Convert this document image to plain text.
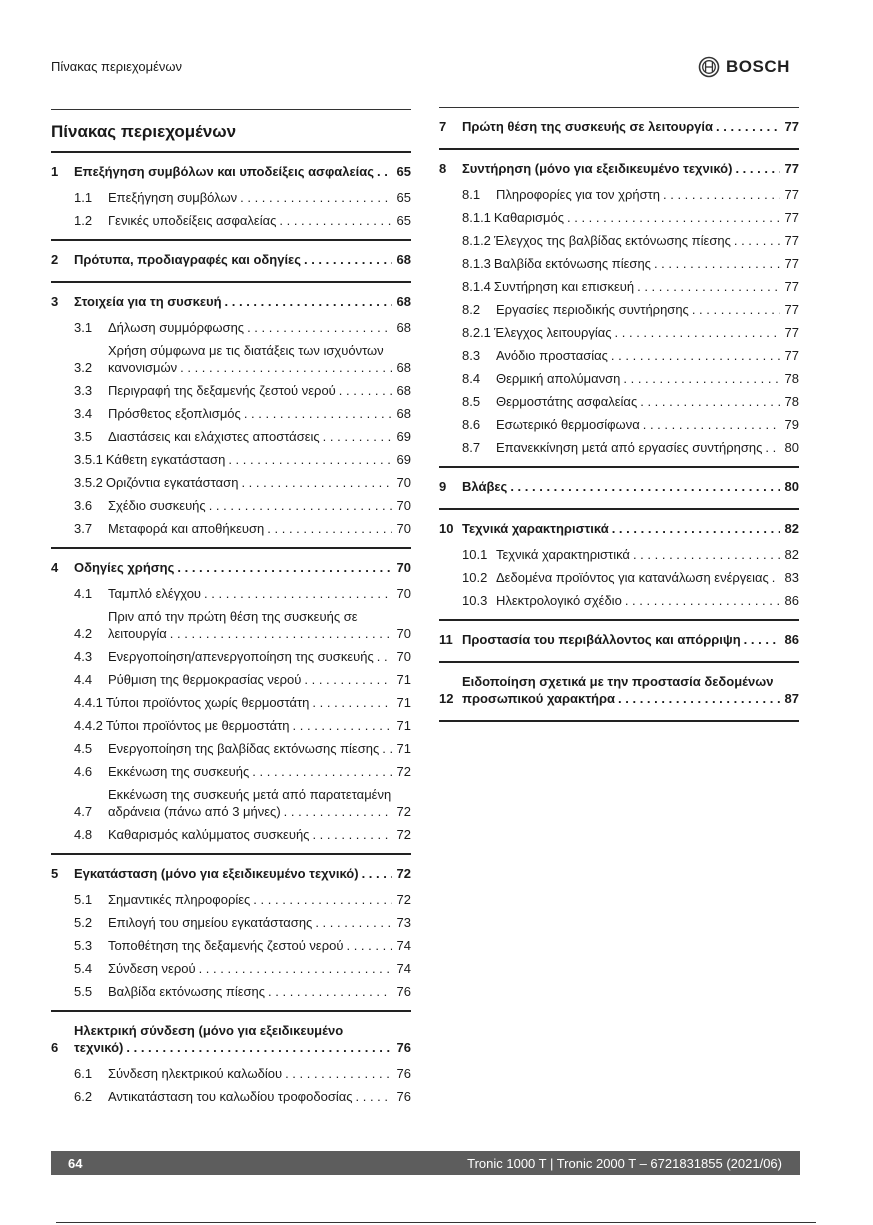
Πίνακας περιεχομένων	BOSCH
Πίνακας περιεχομένων
1	Επεξήγηση συμβόλων και υποδείξεις ασφαλείας . . .	65
1.1	Επεξήγηση συμβόλων . . .	65
1.2	Γενικές υποδείξεις ασφαλείας . . .	65
2	Πρότυπα, προδιαγραφές και οδηγίες . . .	68
3	Στοιχεία για τη συσκευή . . .	68
3.1	Δήλωση συμμόρφωσης . . .	68
3.2
Χρήση σύμφωνα με τις διατάξεις των ισχυόντων κανονισμών . . .	68
3.3	Περιγραφή της δεξαμενής ζεστού νερού . . .	68
3.4	Πρόσθετος εξοπλισμός . . .	68
3.5	Διαστάσεις και ελάχιστες αποστάσεις . . .	69
3.5.1 Κάθετη εγκατάσταση . . .	69
3.5.2 Οριζόντια εγκατάσταση . . .	70
3.6	Σχέδιο συσκευής . . .	70
3.7	Μεταφορά και αποθήκευση . . .	70
4	Οδηγίες χρήσης . . .	70
4.1	Ταμπλό ελέγχου . . .	70
4.2
Πριν από την πρώτη θέση της συσκευής σε λειτουργία . . .	70
4.3	Ενεργοποίηση/απενεργοποίηση της συσκευής . . .	70
4.4	Ρύθμιση της θερμοκρασίας νερού . . .	71
4.4.1 Τύποι προϊόντος χωρίς θερμοστάτη . . .	71
4.4.2 Τύποι προϊόντος με θερμοστάτη . . .	71
4.5	Ενεργοποίηση της βαλβίδας εκτόνωσης πίεσης . . .	71
4.6	Εκκένωση της συσκευής . . .	72
4.7
Εκκένωση της συσκευής μετά από παρατεταμένη αδράνεια (πάνω από 3 μήνες) . . .	72
4.8	Καθαρισμός καλύμματος συσκευής . . .	72
5	Εγκατάσταση (μόνο για εξειδικευμένο τεχνικό) . . .	72
5.1	Σημαντικές πληροφορίες . . .	72
5.2	Επιλογή του σημείου εγκατάστασης . . .	73
5.3	Τοποθέτηση της δεξαμενής ζεστού νερού . . .	74
5.4	Σύνδεση νερού . . .	74
5.5	Βαλβίδα εκτόνωσης πίεσης . . .	76
6
Ηλεκτρική σύνδεση (μόνο για εξειδικευμένο τεχνικό) . . .	76
6.1	Σύνδεση ηλεκτρικού καλωδίου . . .	76
6.2	Αντικατάσταση του καλωδίου τροφοδοσίας . . .	76
7	Πρώτη θέση της συσκευής σε λειτουργία . . .	77
8	Συντήρηση (μόνο για εξειδικευμένο τεχνικό) . . .	77
8.1	Πληροφορίες για τον χρήστη . . .	77
8.1.1 Καθαρισμός . . .	77
8.1.2 Έλεγχος της βαλβίδας εκτόνωσης πίεσης . . .	77
8.1.3 Βαλβίδα εκτόνωσης πίεσης . . .	77
8.1.4 Συντήρηση και επισκευή . . .	77
8.2	Εργασίες περιοδικής συντήρησης . . .	77
8.2.1 Έλεγχος λειτουργίας . . .	77
8.3	Ανόδιο προστασίας . . .	77
8.4	Θερμική απολύμανση . . .	78
8.5	Θερμοστάτης ασφαλείας . . .	78
8.6	Εσωτερικό θερμοσίφωνα . . .	79
8.7	Επανεκκίνηση μετά από εργασίες συντήρησης . . .	80
9	Βλάβες . . .	80
10 Τεχνικά χαρακτηριστικά . . .	82
10.1 Τεχνικά χαρακτηριστικά . . .	82
10.2 Δεδομένα προϊόντος για κατανάλωση ενέργειας . . .	83
10.3 Ηλεκτρολογικό σχέδιο . . .	86
11 Προστασία του περιβάλλοντος και απόρριψη . . .	86
12
Ειδοποίηση σχετικά με την προστασία δεδομένων προσωπικού χαρακτήρα . . .	87
64	Tronic 1000 T | Tronic 2000 T – 6721831855 (2021/06)
